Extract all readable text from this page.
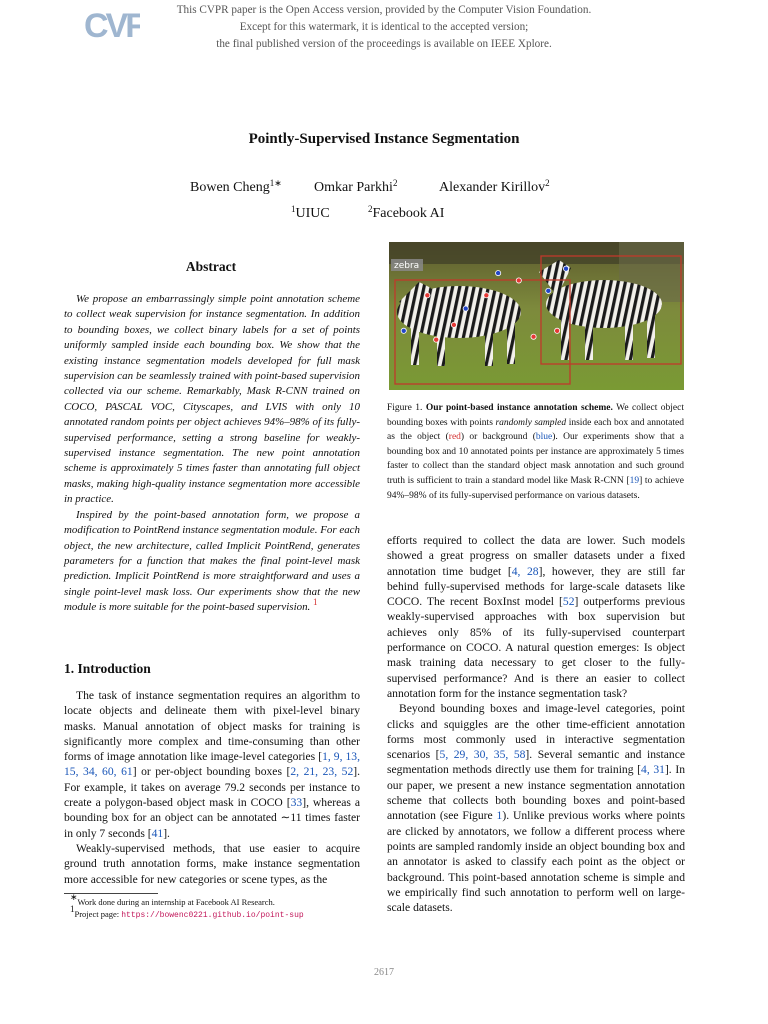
This CVPR paper is the Open Access version, provided by the Computer Vision Foundation.
Except for this watermark, it is identical to the accepted version;
the final published version of the proceedings is available on IEEE Xplore.
CVF
Pointly-Supervised Instance Segmentation
Bowen Cheng$^{1∗}$ Omkar Parkhi$^2$	Alexander Kirillov$^2$
$^1$UIUC	$^2$Facebook AI
Abstract

We propose an embarrassingly simple point annotation scheme to collect weak supervision for instance segmentation. In addition to bounding boxes, we collect binary labels for a set of points uniformly sampled inside each bounding box. We show that the existing instance segmentation models developed for full mask supervision can be seamlessly trained with point-based supervision collected via our scheme. Remarkably, Mask R-CNN trained on COCO, PASCAL VOC, Cityscapes, and LVIS with only 10 annotated random points per object achieves 94%–98% of its fully-supervised performance, setting a strong baseline for weakly-supervised instance segmentation. The new point annotation scheme is approximately 5 times faster than annotating full object masks, making high-quality instance segmentation more accessible in practice.

Inspired by the point-based annotation form, we propose a modification to PointRend instance segmentation module. For each object, the new architecture, called Implicit PointRend, generates parameters for a function that makes the final point-level mask prediction. Implicit PointRend is more straightforward and uses a single point-level mask loss. Our experiments show that the new module is more suitable for the point-based supervision. $^1$

1. Introduction

The task of instance segmentation requires an algorithm to locate objects and delineate them with pixel-level binary masks. Manual annotation of object masks for training is significantly more complex and time-consuming than other forms of image annotation like image-level categories [1, 9, 13, 15, 34, 60, 61] or per-object bounding boxes [2, 21, 23, 52]. For example, it takes on average 79.2 seconds per instance to create a polygon-based object mask in COCO [33], whereas a bounding box for an object can be annotated ∼11 times faster in only 7 seconds [41].

Weakly-supervised methods, that use easier to acquire ground truth annotation forms, make instance segmentation more accessible for new categories or scene types, as the

∗Work done during an internship at Facebook AI Research.
$^1$Project page: https://bowenc0221.github.io/point-sup
zebra
Figure 1. Our point-based instance annotation scheme. We collect object bounding boxes with points randomly sampled inside each box and annotated as the object (red) or background (blue). Our experiments show that a bounding box and 10 annotated points per instance are approximately 5 times faster to collect than the standard object mask annotation and such ground truth is sufficient to train a standard model like Mask R-CNN [19] to achieve 94%–98% of its fully-supervised performance on various datasets.

efforts required to collect the data are lower. Such models showed a great progress on smaller datasets under a fixed annotation time budget [4, 28], however, they are still far behind fully-supervised methods for large-scale datasets like COCO. The recent BoxInst model [52] outperforms previous weakly-supervised approaches with box supervision but achieves only 85% of its fully-supervised counterpart performance on COCO. A natural question emerges: Is object mask training data necessary to get closer to the fully-supervised performance? And is there an easier to collect annotation form for the instance segmentation task?

Beyond bounding boxes and image-level categories, point clicks and squiggles are the other time-efficient annotation forms most commonly used in interactive segmentation scenarios [5, 29, 30, 35, 58]. Several semantic and instance segmentation methods directly use them for training [4, 31]. In our paper, we present a new instance segmentation annotation scheme that collects both bounding boxes and point-based annotation (see Figure 1). Unlike previous works where points are clicked by annotators, we follow a different process where points are sampled randomly inside an object bounding box and an annotator is asked to classify each point as the object or background. This point-based annotation scheme is simple and we empirically find such annotation to perform well on large-scale datasets.

2617
